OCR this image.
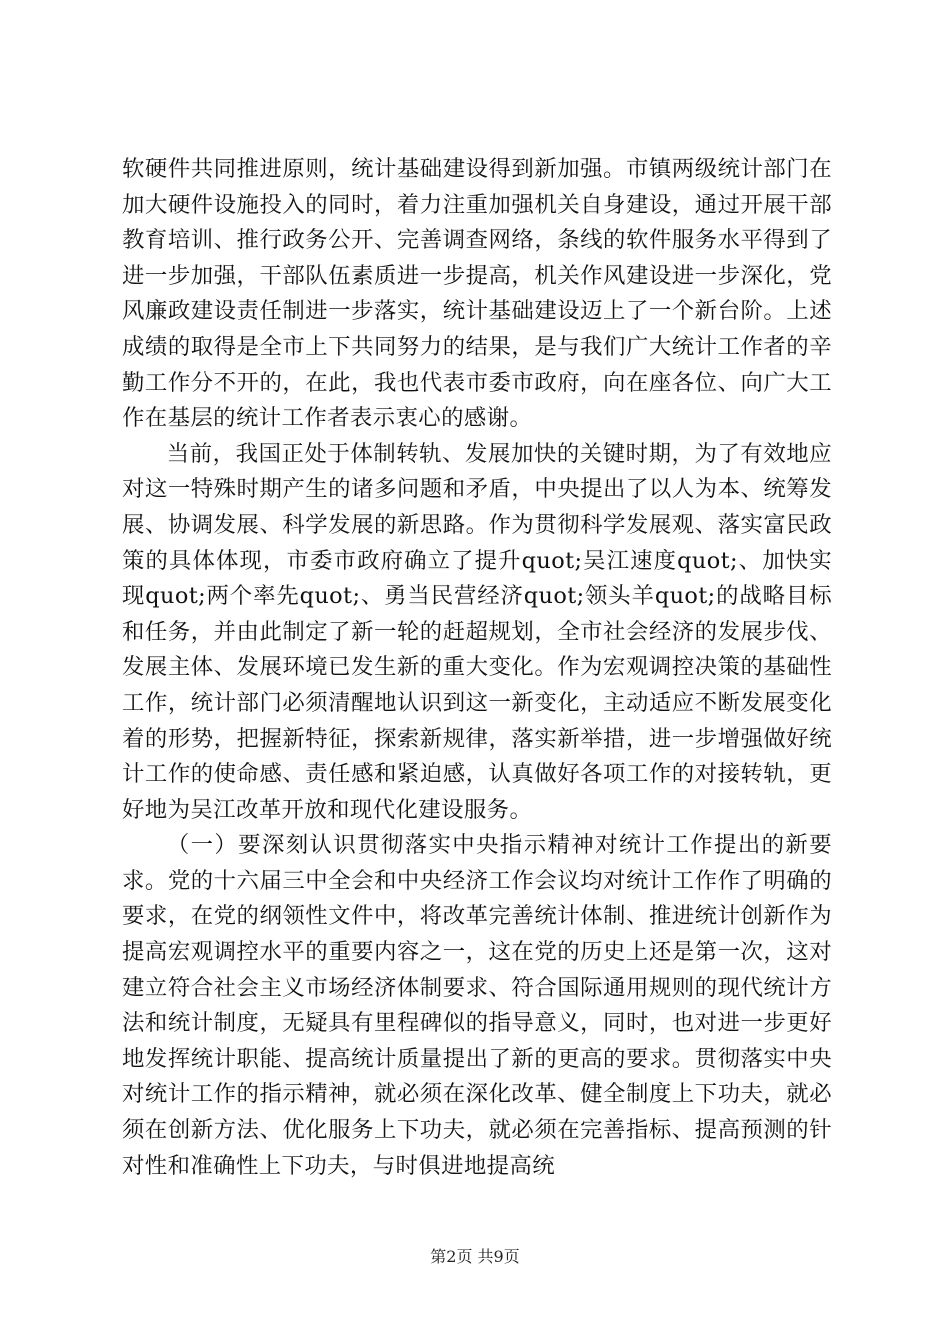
软硬件共同推进原则，统计基础建设得到新加强。市镇两级统计部门在加大硬件设施投入的同时，着力注重加强机关自身建设，通过开展干部教育培训、推行政务公开、完善调查网络，条线的软件服务水平得到了进一步加强，干部队伍素质进一步提高，机关作风建设进一步深化，党风廉政建设责任制进一步落实，统计基础建设迈上了一个新台阶。上述成绩的取得是全市上下共同努力的结果，是与我们广大统计工作者的辛勤工作分不开的，在此，我也代表市委市政府，向在座各位、向广大工作在基层的统计工作者表示衷心的感谢。

当前，我国正处于体制转轨、发展加快的关键时期，为了有效地应对这一特殊时期产生的诸多问题和矛盾，中央提出了以人为本、统筹发展、协调发展、科学发展的新思路。作为贯彻科学发展观、落实富民政策的具体体现，市委市政府确立了提升quot;吴江速度quot;、加快实现quot;两个率先quot;、勇当民营经济quot;领头羊quot;的战略目标和任务，并由此制定了新一轮的赶超规划，全市社会经济的发展步伐、发展主体、发展环境已发生新的重大变化。作为宏观调控决策的基础性工作，统计部门必须清醒地认识到这一新变化，主动适应不断发展变化着的形势，把握新特征，探索新规律，落实新举措，进一步增强做好统计工作的使命感、责任感和紧迫感，认真做好各项工作的对接转轨，更好地为吴江改革开放和现代化建设服务。

（一）要深刻认识贯彻落实中央指示精神对统计工作提出的新要求。党的十六届三中全会和中央经济工作会议均对统计工作作了明确的要求，在党的纲领性文件中，将改革完善统计体制、推进统计创新作为提高宏观调控水平的重要内容之一，这在党的历史上还是第一次，这对建立符合社会主义市场经济体制要求、符合国际通用规则的现代统计方法和统计制度，无疑具有里程碑似的指导意义，同时，也对进一步更好地发挥统计职能、提高统计质量提出了新的更高的要求。贯彻落实中央对统计工作的指示精神，就必须在深化改革、健全制度上下功夫，就必须在创新方法、优化服务上下功夫，就必须在完善指标、提高预测的针对性和准确性上下功夫，与时俱进地提高统

第2页 共9页
